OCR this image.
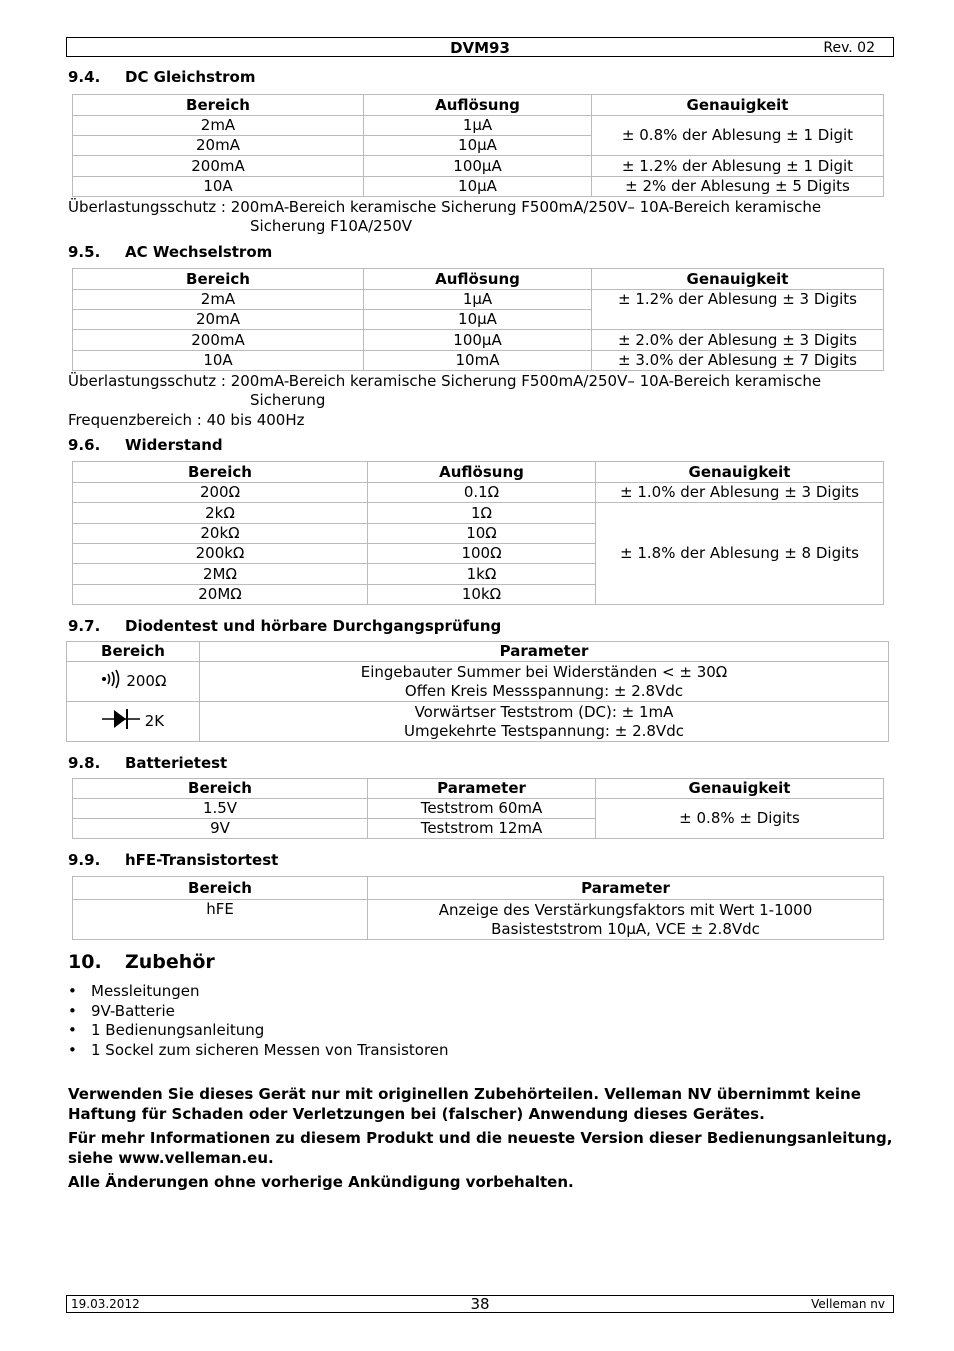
DVM93	Rev. 02
9.4. DC Gleichstrom
Bereich	Auflösung	Genauigkeit
2mA	1µA	± 0.8% der Ablesung ± 1 Digit
20mA	10µA	
200mA	100µA	± 1.2% der Ablesung ± 1 Digit
10A	10µA	± 2% der Ablesung ± 5 Digits
Überlastungsschutz : 200mA-Bereich keramische Sicherung F500mA/250V– 10A-Bereich keramische
Sicherung F10A/250V
9.5. AC Wechselstrom
Bereich	Auflösung	Genauigkeit
2mA	1µA	± 1.2% der Ablesung ± 3 Digits
20mA	10µA	
200mA	100µA	± 2.0% der Ablesung ± 3 Digits
10A	10mA	± 3.0% der Ablesung ± 7 Digits
Überlastungsschutz : 200mA-Bereich keramische Sicherung F500mA/250V– 10A-Bereich keramische
Sicherung
Frequenzbereich : 40 bis 400Hz
9.6. Widerstand
Bereich	Auflösung	Genauigkeit
200Ω	0.1Ω	± 1.0% der Ablesung ± 3 Digits
2kΩ	1Ω	± 1.8% der Ablesung ± 8 Digits
20kΩ	10Ω	
200kΩ	100Ω	
2MΩ	1kΩ	
20MΩ	10kΩ	
9.7. Diodentest und hörbare Durchgangsprüfung
Bereich	Parameter
200Ω	Eingebauter Summer bei Widerständen < ± 30Ω
Offen Kreis Messspannung: ± 2.8Vdc

2K	Vorwärtser Teststrom (DC): ± 1mA
Umgekehrte Testspannung: ± 2.8Vdc
9.8. Batterietest
Bereich	Parameter	Genauigkeit
1.5V	Teststrom 60mA	± 0.8% ± Digits
9V	Teststrom 12mA	
9.9. hFE-Transistortest
Bereich	Parameter
hFE	Anzeige des Verstärkungsfaktors mit Wert 1-1000
Basisteststrom 10µA, VCE ± 2.8Vdc
10. Zubehör
• Messleitungen
• 9V-Batterie
• 1 Bedienungsanleitung
• 1 Sockel zum sicheren Messen von Transistoren
Verwenden Sie dieses Gerät nur mit originellen Zubehörteilen. Velleman NV übernimmt keine Haftung für Schaden oder Verletzungen bei (falscher) Anwendung dieses Gerätes.
Für mehr Informationen zu diesem Produkt und die neueste Version dieser Bedienungsanleitung, siehe www.velleman.eu.
Alle Änderungen ohne vorherige Ankündigung vorbehalten.
19.03.2012	38	Velleman nv
